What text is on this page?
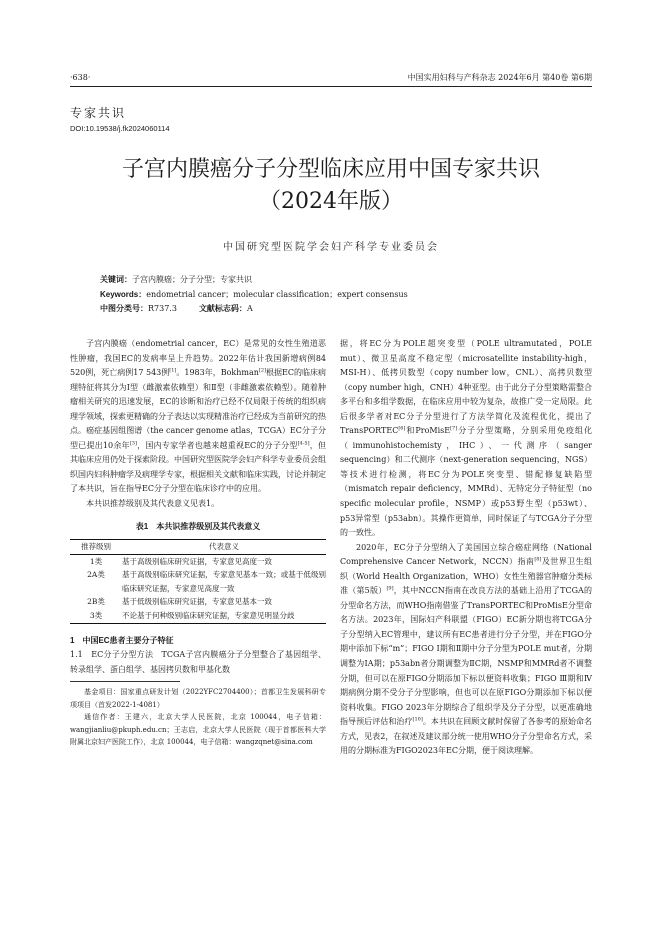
·638·	中国实用妇科与产科杂志 2024年6月 第40卷 第6期
专家共识
DOI:10.19538/j.fk2024060114
子宫内膜癌分子分型临床应用中国专家共识
（2024年版）
中国研究型医院学会妇产科学专业委员会
关键词：子宫内膜癌；分子分型；专家共识
Keywords：endometrial cancer；molecular classification；expert consensus
中图分类号：R737.3	文献标志码：A

子宫内膜癌（endometrial cancer，EC）是常见的女性生殖道恶性肿瘤，我国EC的发病率呈上升趋势。2022年估计我国新增病例84 520例，死亡病例17 543例[1]。1983年，Bokhman[2]根据EC的临床病理特征将其分为Ⅰ型（雌激素依赖型）和Ⅱ型（非雌激素依赖型）。随着肿瘤相关研究的迅速发展，EC的诊断和治疗已经不仅局限于传统的组织病理学领域，探索更精确的分子表达以实现精准治疗已经成为当前研究的热点。癌症基因组图谱（the cancer genome atlas，TCGA）EC分子分型已提出10余年[3]，国内专家学者也越来越重视EC的分子分型[4-5]，但其临床应用仍处于探索阶段。中国研究型医院学会妇产科学专业委员会组织国内妇科肿瘤学及病理学专家，根据相关文献和临床实践，讨论并制定了本共识，旨在指导EC分子分型在临床诊疗中的应用。

本共识推荐级别及其代表意义见表1。

表1　本共识推荐级别及其代表意义
推荐级别	代表意义
1类	基于高级别临床研究证据，专家意见高度一致
2A类	基于高级别临床研究证据，专家意见基本一致；或基于低级别临床研究证据，专家意见高度一致
2B类	基于低级别临床研究证据，专家意见基本一致
3类	不论基于何种级别临床研究证据，专家意见明显分歧

1　中国EC患者主要分子特征

1.1　EC分子分型方法　TCGA子宫内膜癌分子分型整合了基因组学、转录组学、蛋白组学、基因拷贝数和甲基化数

基金项目：国家重点研发计划（2022YFC2704400）；首都卫生发展科研专项项目（首发2022-1-4081）

通信作者：王建六，北京大学人民医院，北京 100044，电子信箱：wangjianliu@pkuph.edu.cn；王志启，北京大学人民医院（现于首都医科大学附属北京妇产医院工作），北京 100044，电子信箱：wangzqnet@sina.com

据，将EC分为POLE超突变型（POLE ultramutated，POLE mut）、微卫星高度不稳定型（microsatellite instability-high，MSI-H）、低拷贝数型（copy number low，CNL）、高拷贝数型（copy number high，CNH）4种亚型。由于此分子分型策略需整合多平台和多组学数据，在临床应用中较为复杂，故推广受一定局限。此后很多学者对EC分子分型进行了方法学简化及流程优化，提出了TransPORTEC[6]和ProMisE[7]分子分型策略，分别采用免疫组化（immunohistochemisty，IHC）、一代测序（sanger sequencing）和二代测序（next-generation sequencing，NGS）等技术进行检测，将EC分为POLE突变型、错配修复缺陷型（mismatch repair deficiency，MMRd）、无特定分子特征型（no specific molecular profile，NSMP）或p53野生型（p53wt）、p53异常型（p53abn）。其操作更简单，同时保证了与TCGA分子分型的一致性。

2020年，EC分子分型纳入了美国国立综合癌症网络（National Comprehensive Cancer Network，NCCN）指南[8]及世界卫生组织（World Health Organization，WHO）女性生殖器官肿瘤分类标准（第5版）[9]，其中NCCN指南在改良方法的基础上沿用了TCGA的分型命名方法，而WHO指南借鉴了TransPORTEC和ProMisE分型命名方法。2023年，国际妇产科联盟（FIGO）EC新分期也将TCGA分子分型纳入EC管理中，建议所有EC患者进行分子分型，并在FIGO分期中添加下标“m”；FIGO Ⅰ期和Ⅱ期中分子分型为POLE mut者，分期调整为ⅠA期；p53abn者分期调整为ⅡC期，NSMP和MMRd者不调整分期，但可以在原FIGO分期添加下标以便资料收集；FIGO Ⅲ期和Ⅳ期病例分期不受分子分型影响，但也可以在原FIGO分期添加下标以便资料收集。FIGO 2023年分期综合了组织学及分子分型，以更准确地指导预后评估和治疗[10]。本共识在回顾文献时保留了各参考的原始命名方式，见表2，在叙述及建议部分统一使用WHO分子分型命名方式，采用的分期标准为FIGO2023年EC分期，便于阅读理解。
